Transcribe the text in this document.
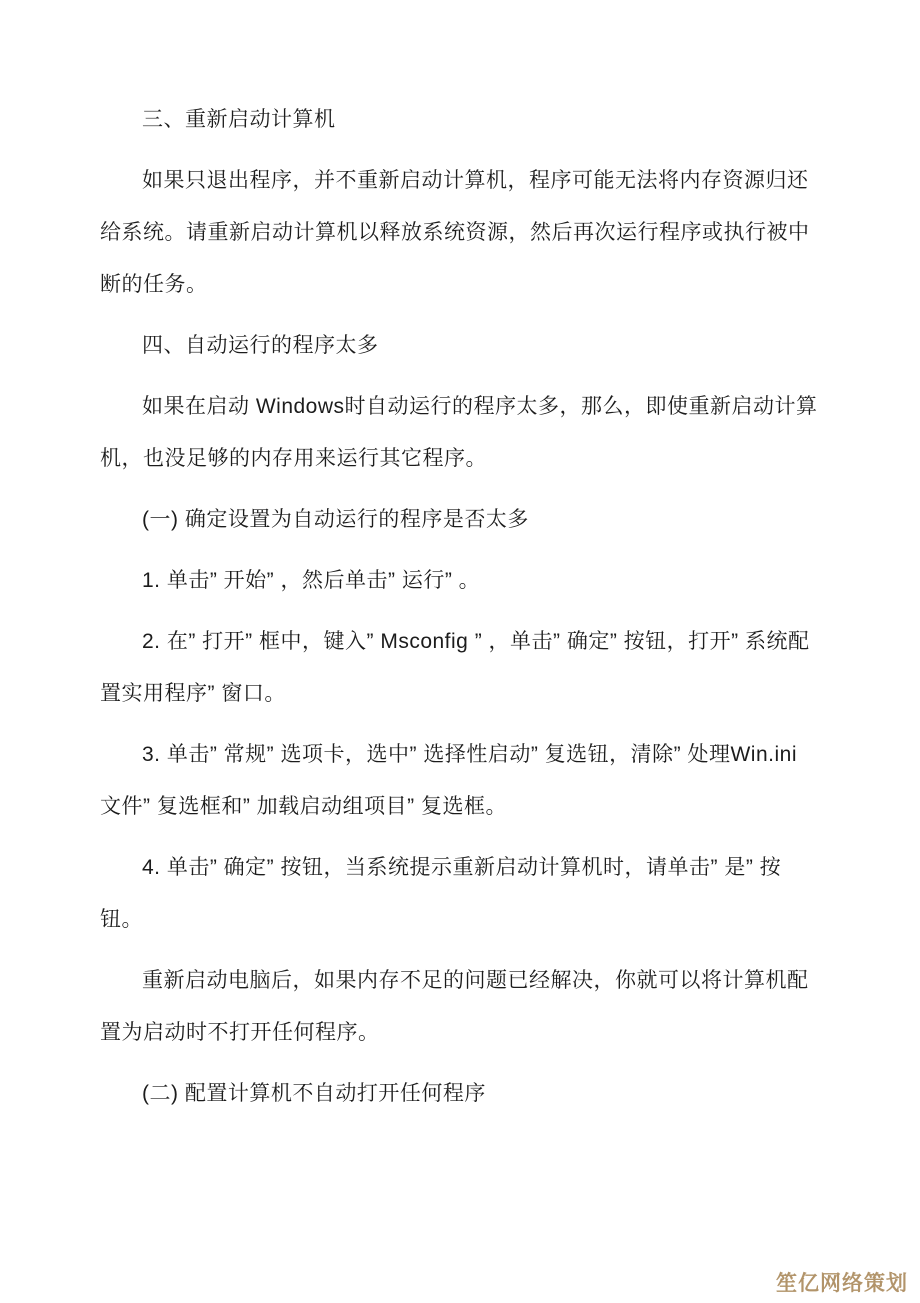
三、重新启动计算机

如果只退出程序，并不重新启动计算机，程序可能无法将内存资源归还给系统。请重新启动计算机以释放系统资源，然后再次运行程序或执行被中断的任务。

四、自动运行的程序太多

如果在启动 Windows时自动运行的程序太多，那么，即使重新启动计算机，也没足够的内存用来运行其它程序。

(一) 确定设置为自动运行的程序是否太多

1. 单击” 开始” ，然后单击” 运行” 。

2. 在” 打开” 框中，键入” Msconfig ” ，单击” 确定” 按钮，打开” 系统配置实用程序” 窗口。

3. 单击” 常规” 选项卡，选中” 选择性启动” 复选钮，清除” 处理Win.ini　文件” 复选框和” 加载启动组项目” 复选框。

4. 单击” 确定” 按钮，当系统提示重新启动计算机时，请单击” 是” 按钮。

重新启动电脑后，如果内存不足的问题已经解决，你就可以将计算机配置为启动时不打开任何程序。

(二) 配置计算机不自动打开任何程序

笙亿网络策划
